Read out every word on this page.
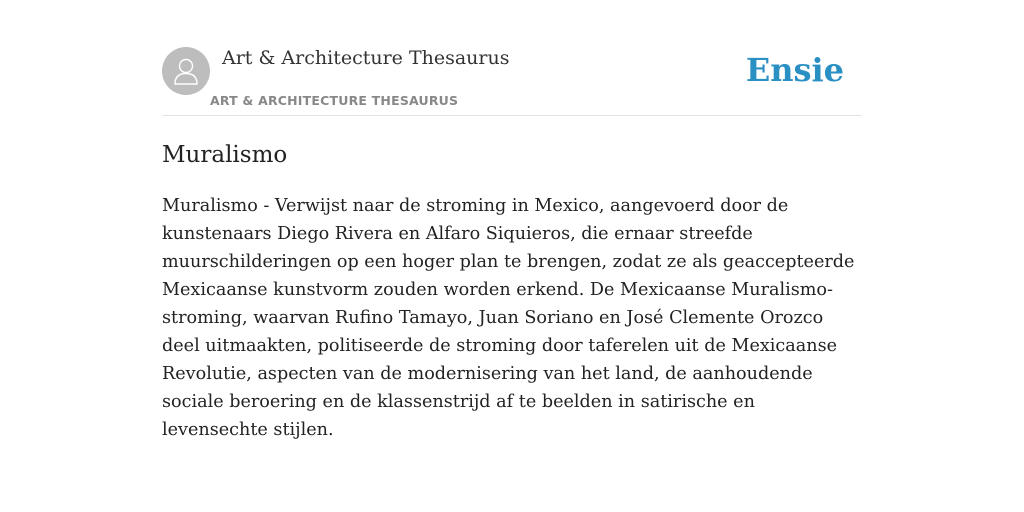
Art & Architecture Thesaurus
ART & ARCHITECTURE THESAURUS
Ensie
Muralismo

Muralismo - Verwijst naar de stroming in Mexico, aangevoerd door de kunstenaars Diego Rivera en Alfaro Siquieros, die ernaar streefde muurschilderingen op een hoger plan te brengen, zodat ze als geaccepteerde Mexicaanse kunstvorm zouden worden erkend. De Mexicaanse Muralismo-stroming, waarvan Rufino Tamayo, Juan Soriano en José Clemente Orozco deel uitmaakten, politiseerde de stroming door taferelen uit de Mexicaanse Revolutie, aspecten van de modernisering van het land, de aanhoudende sociale beroering en de klassenstrijd af te beelden in satirische en levensechte stijlen.
